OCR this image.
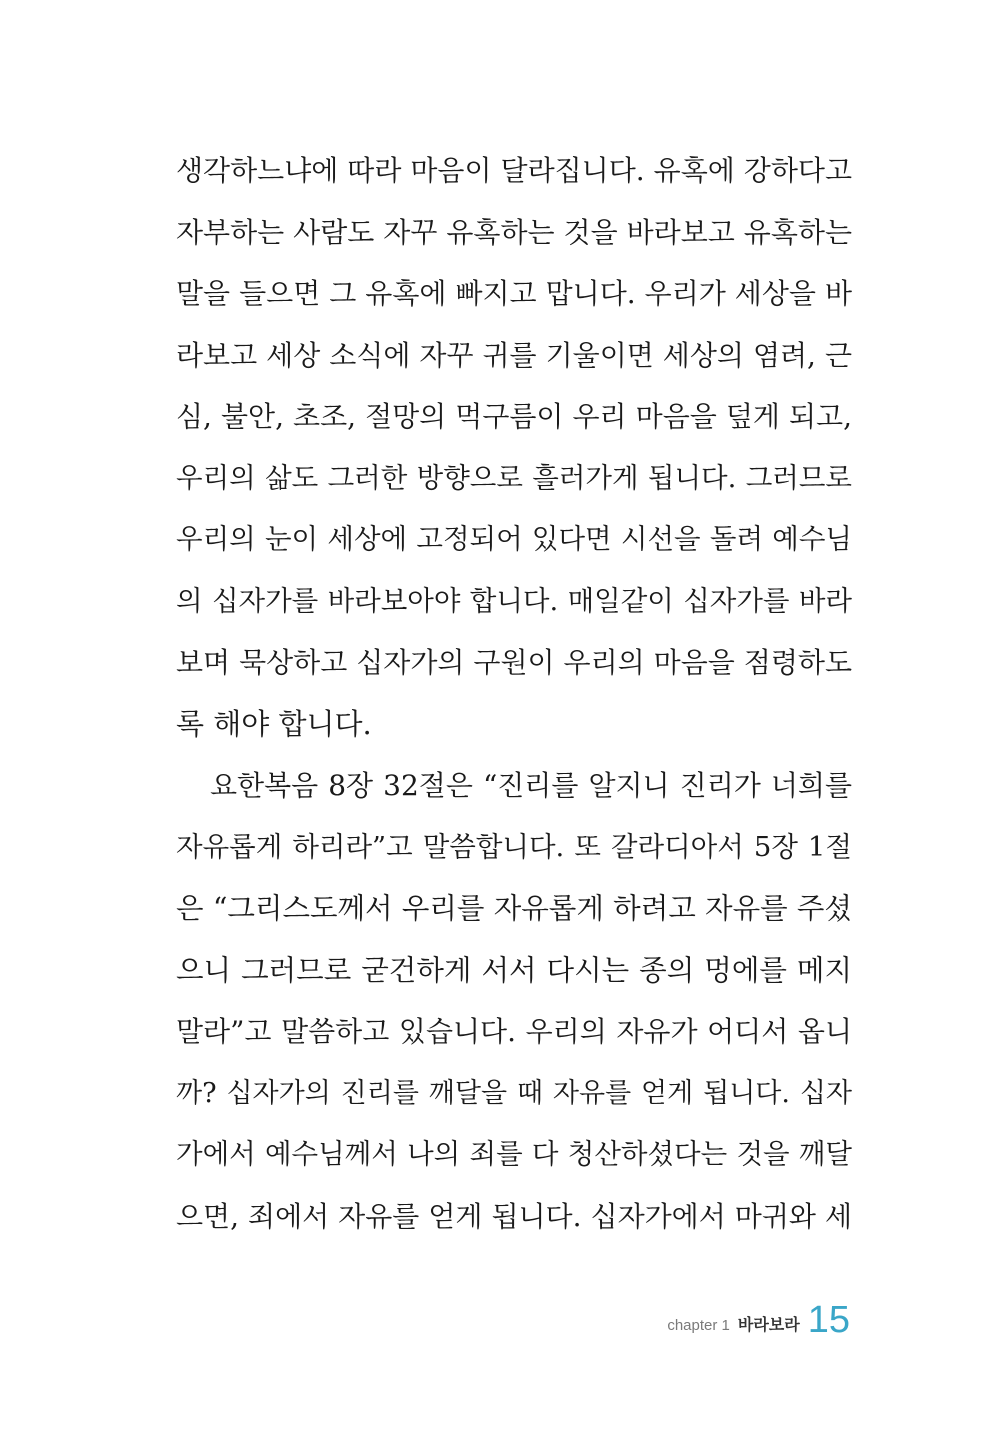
생각하느냐에 따라 마음이 달라집니다. 유혹에 강하다고
자부하는 사람도 자꾸 유혹하는 것을 바라보고 유혹하는
말을 들으면 그 유혹에 빠지고 맙니다. 우리가 세상을 바
라보고 세상 소식에 자꾸 귀를 기울이면 세상의 염려, 근
심, 불안, 초조, 절망의 먹구름이 우리 마음을 덮게 되고,
우리의 삶도 그러한 방향으로 흘러가게 됩니다. 그러므로
우리의 눈이 세상에 고정되어 있다면 시선을 돌려 예수님
의 십자가를 바라보아야 합니다. 매일같이 십자가를 바라
보며 묵상하고 십자가의 구원이 우리의 마음을 점령하도
록 해야 합니다.
요한복음 8장 32절은 “진리를 알지니 진리가 너희를
자유롭게 하리라”고 말씀합니다. 또 갈라디아서 5장 1절
은 “그리스도께서 우리를 자유롭게 하려고 자유를 주셨
으니 그러므로 굳건하게 서서 다시는 종의 멍에를 메지
말라”고 말씀하고 있습니다. 우리의 자유가 어디서 옵니
까? 십자가의 진리를 깨달을 때 자유를 얻게 됩니다. 십자
가에서 예수님께서 나의 죄를 다 청산하셨다는 것을 깨달
으면, 죄에서 자유를 얻게 됩니다. 십자가에서 마귀와 세
chapter 1 바라보라 15
